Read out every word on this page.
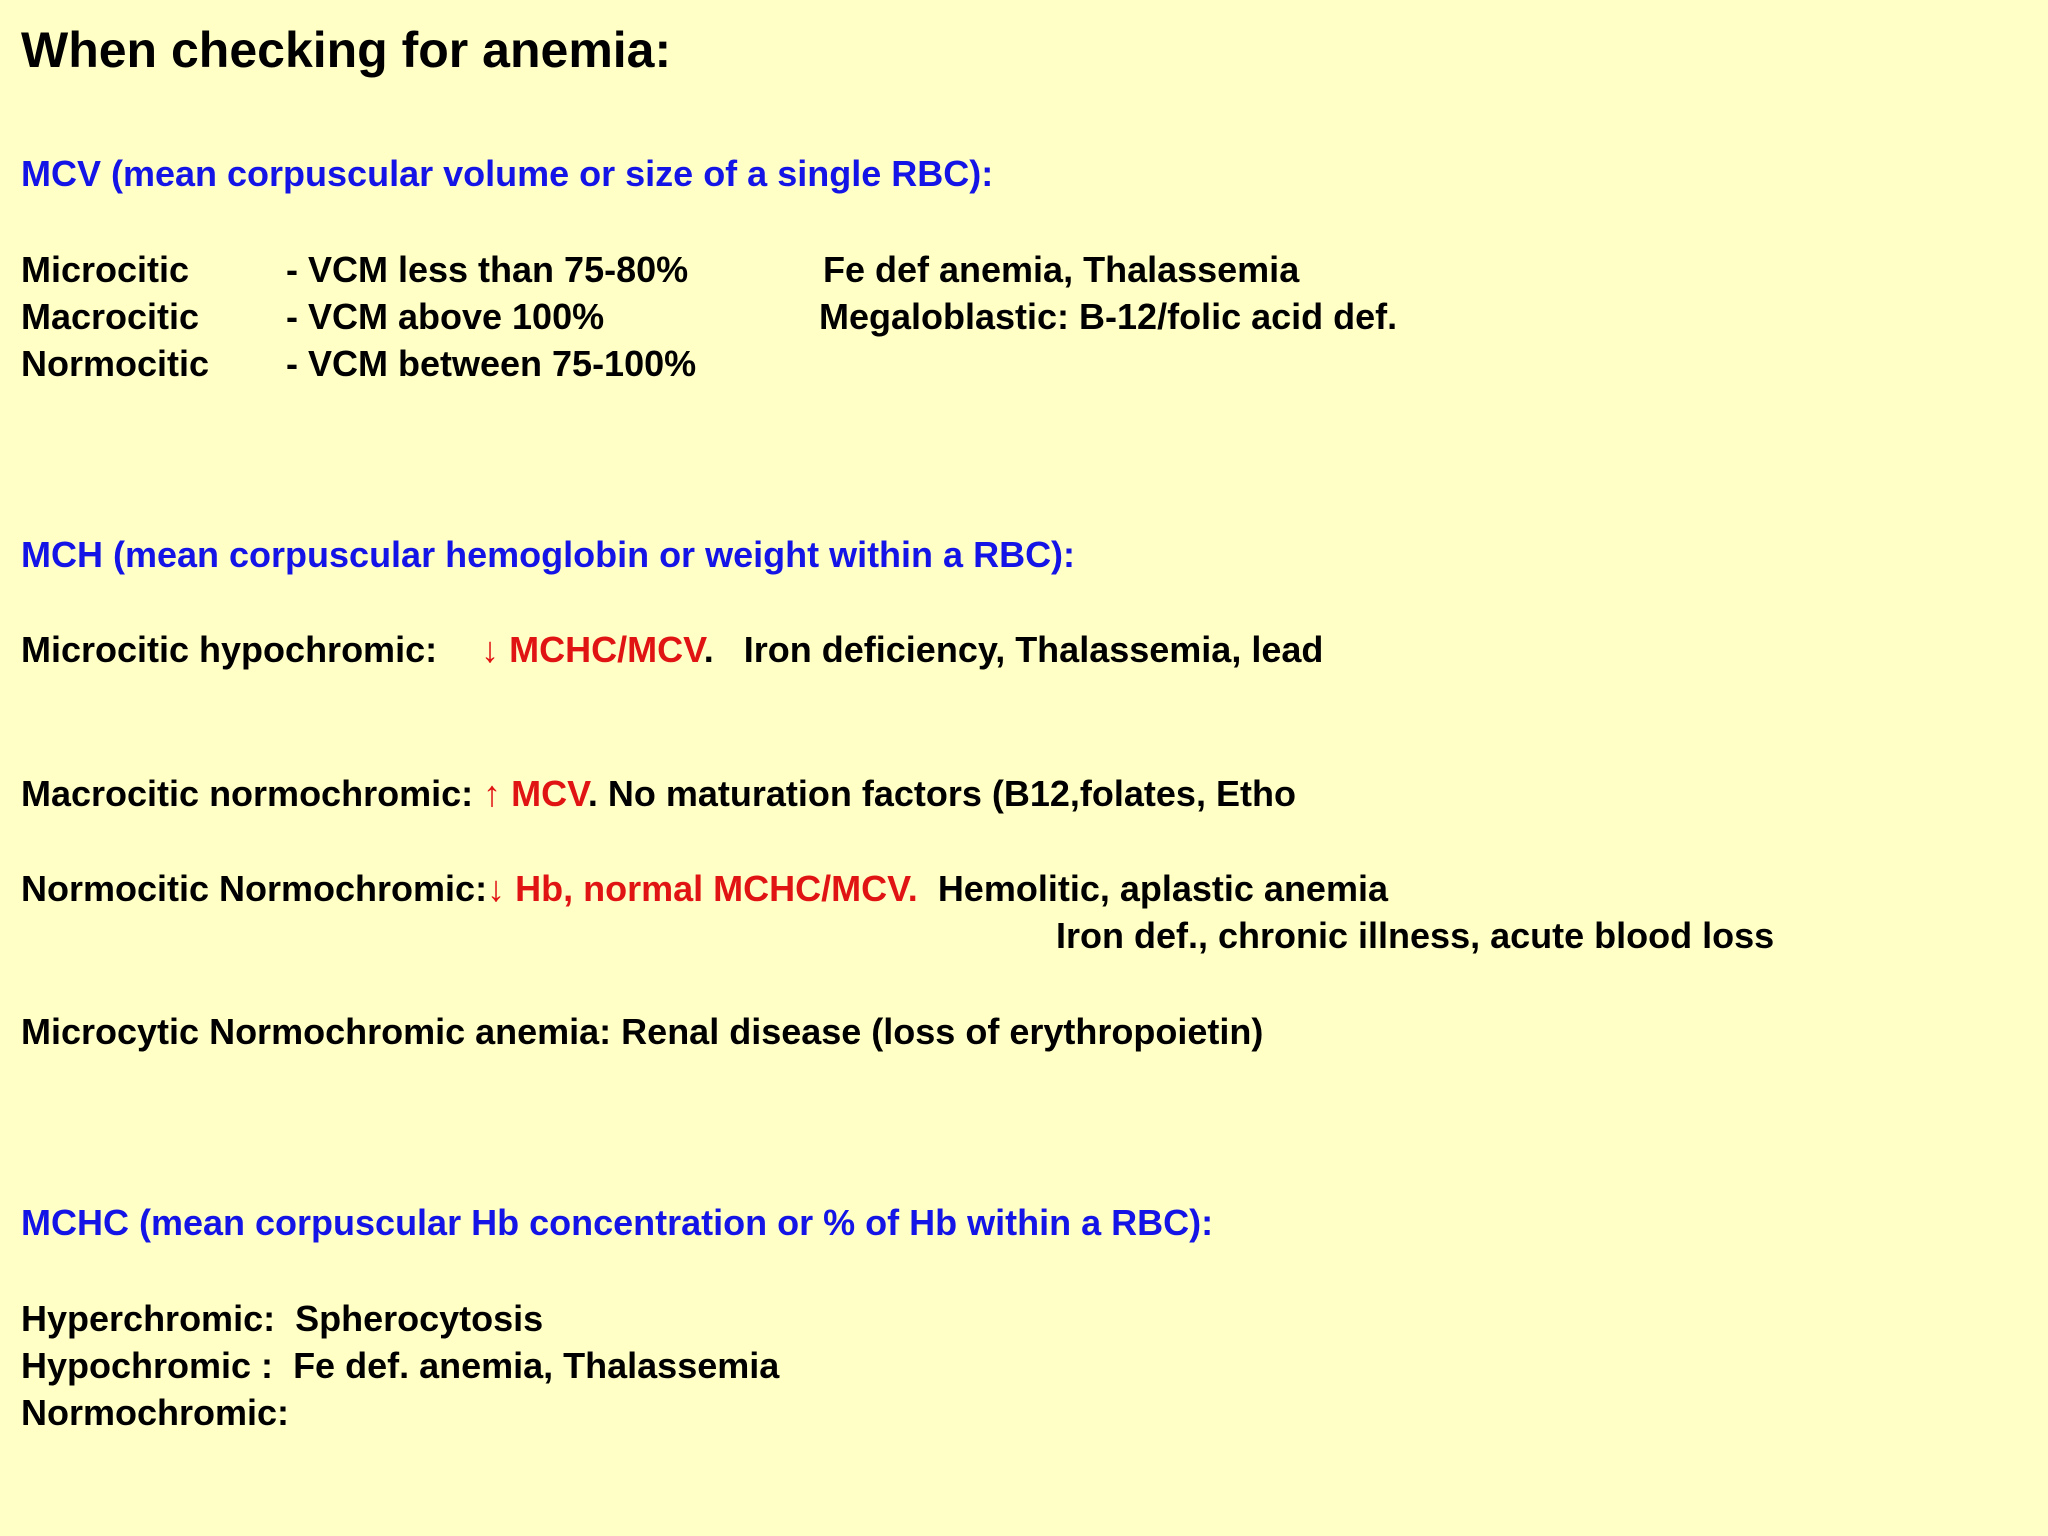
When checking for anemia:
MCV (mean corpuscular volume or size of a single RBC):
Microcitic	- VCM less than 75-80%	Fe def anemia, Thalassemia
Macrocitic - VCM above 100%	Megaloblastic: B-12/folic acid def.
Normocitic - VCM between 75-100%
MCH (mean corpuscular hemoglobin or weight within a RBC):
Microcitic hypochromic: ↓ MCHC/MCV.   Iron deficiency, Thalassemia, lead
Macrocitic normochromic: ↑ MCV. No maturation factors (B12,folates, Etho
Normocitic Normochromic:↓ Hb, normal MCHC/MCV. Hemolitic, aplastic anemia
Iron def., chronic illness, acute blood loss
Microcytic Normochromic anemia: Renal disease (loss of erythropoietin)
MCHC (mean corpuscular Hb concentration or % of Hb within a RBC):
Hyperchromic: Spherocytosis
Hypochromic : Fe def. anemia, Thalassemia
Normochromic:
